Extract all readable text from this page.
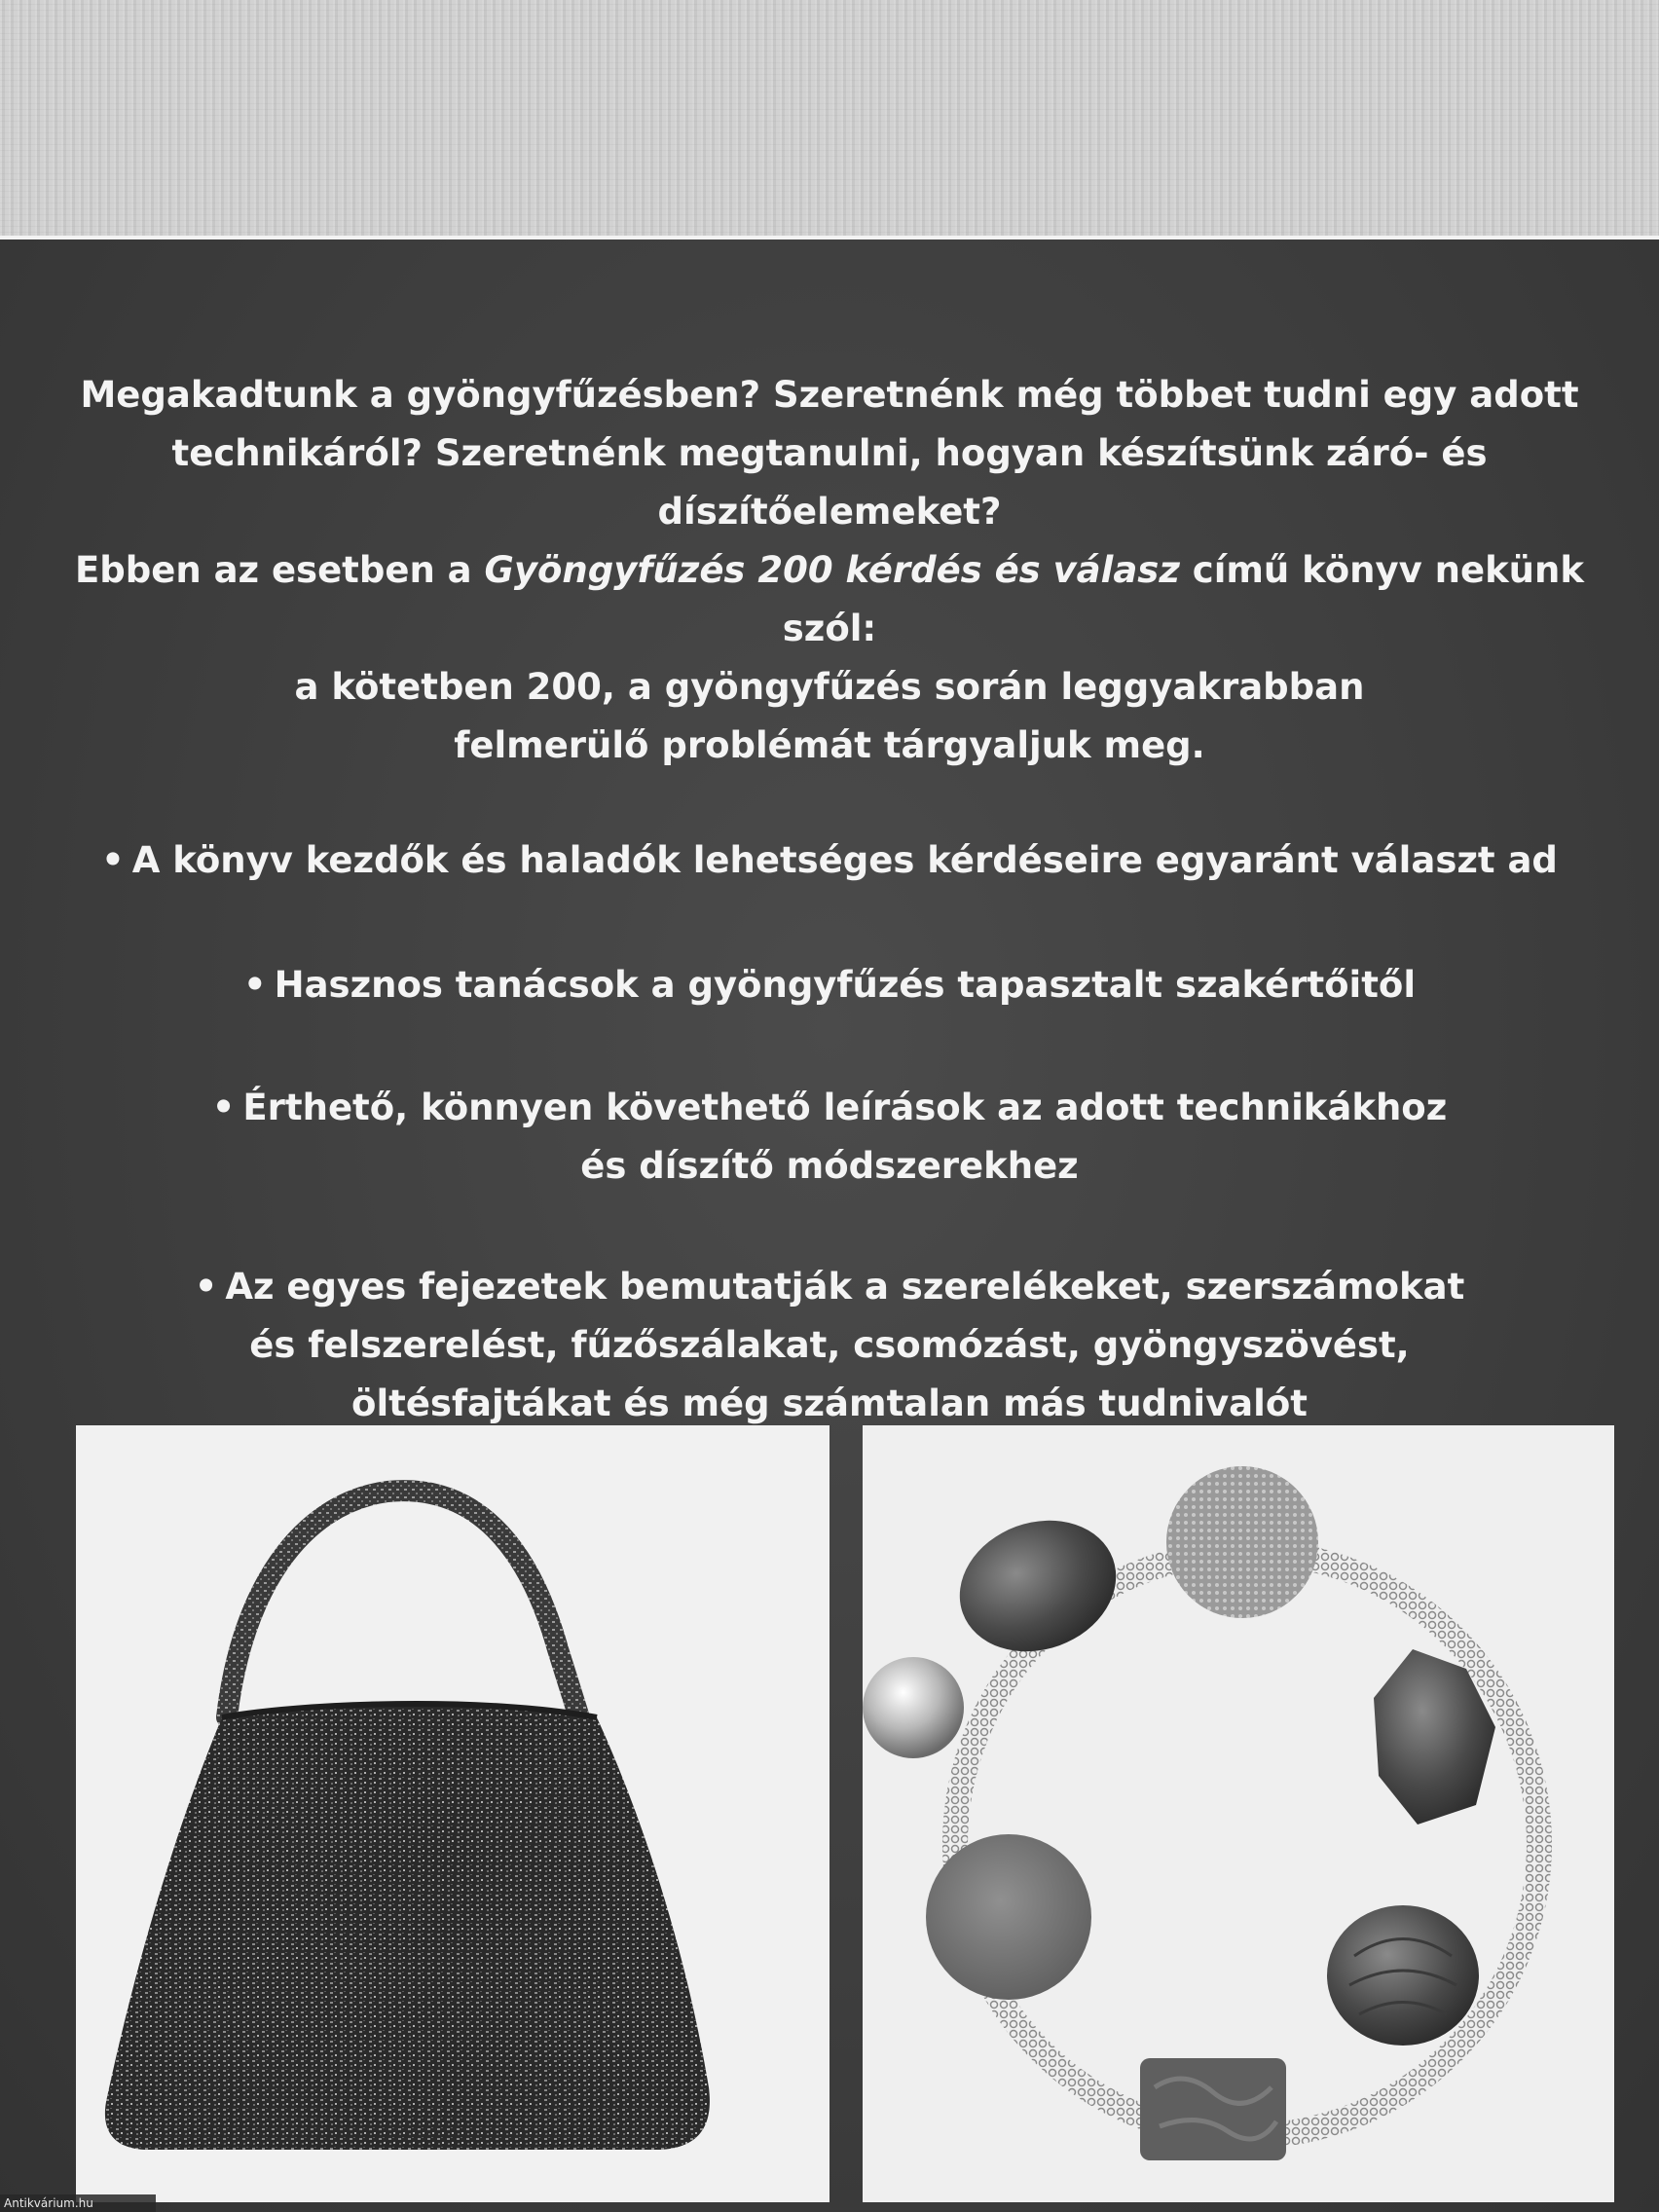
Megakadtunk a gyöngyfűzésben? Szeretnénk még többet tudni egy adott

technikáról? Szeretnénk megtanulni, hogyan készítsünk záró- és díszítőelemeket?

Ebben az esetben a Gyöngyfűzés 200 kérdés és válasz című könyv nekünk szól:

a kötetben 200, a gyöngyfűzés során leggyakrabban

felmerülő problémát tárgyaljuk meg.

• A könyv kezdők és haladók lehetséges kérdéseire egyaránt választ ad

• Hasznos tanácsok a gyöngyfűzés tapasztalt szakértőitől

• Érthető, könnyen követhető leírások az adott technikákhoz

és díszítő módszerekhez

• Az egyes fejezetek bemutatják a szerelékeket, szerszámokat

és felszerelést, fűzőszálakat, csomózást, gyöngyszövést,

öltésfajtákat és még számtalan más tudnivalót

Antikvárium.hu
